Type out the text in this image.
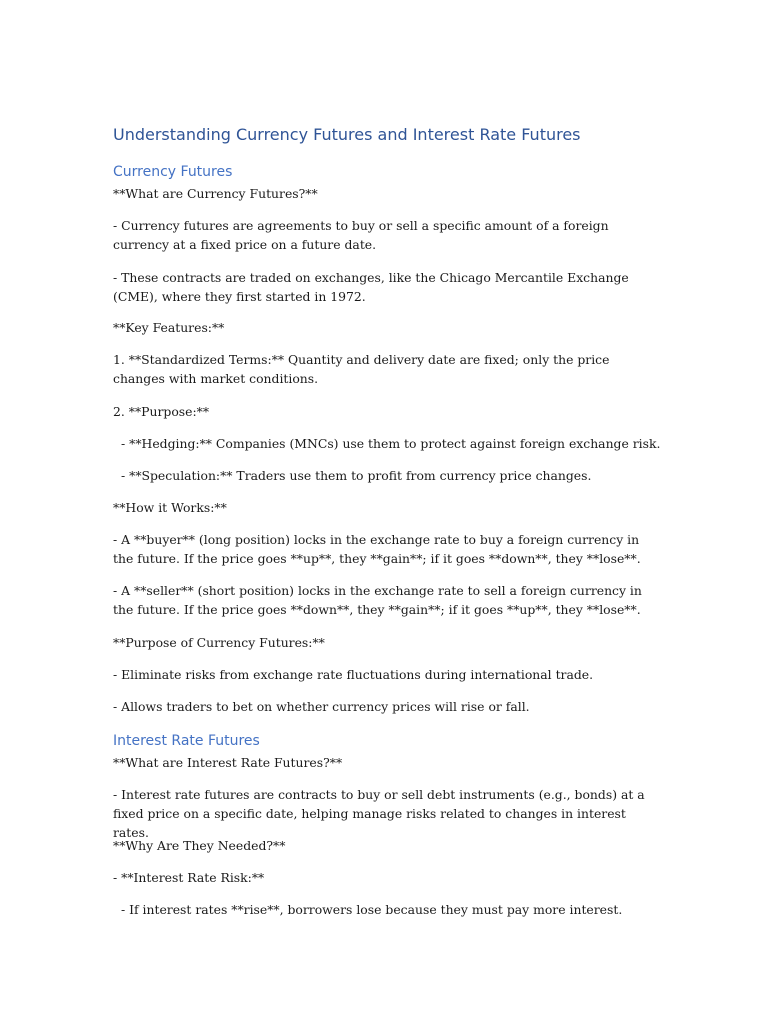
Understanding Currency Futures and Interest Rate Futures
Currency Futures

**What are Currency Futures?**

- Currency futures are agreements to buy or sell a specific amount of a foreign currency at a fixed price on a future date.

- These contracts are traded on exchanges, like the Chicago Mercantile Exchange (CME), where they first started in 1972.

**Key Features:**

1. **Standardized Terms:** Quantity and delivery date are fixed; only the price changes with market conditions.

2. **Purpose:**

- **Hedging:** Companies (MNCs) use them to protect against foreign exchange risk.

- **Speculation:** Traders use them to profit from currency price changes.

**How it Works:**

- A **buyer** (long position) locks in the exchange rate to buy a foreign currency in the future. If the price goes **up**, they **gain**; if it goes **down**, they **lose**.

- A **seller** (short position) locks in the exchange rate to sell a foreign currency in the future. If the price goes **down**, they **gain**; if it goes **up**, they **lose**.

**Purpose of Currency Futures:**

- Eliminate risks from exchange rate fluctuations during international trade.

- Allows traders to bet on whether currency prices will rise or fall.

Interest Rate Futures

**What are Interest Rate Futures?**

- Interest rate futures are contracts to buy or sell debt instruments (e.g., bonds) at a fixed price on a specific date, helping manage risks related to changes in interest rates.

**Why Are They Needed?**

- **Interest Rate Risk:**

- If interest rates **rise**, borrowers lose because they must pay more interest.
